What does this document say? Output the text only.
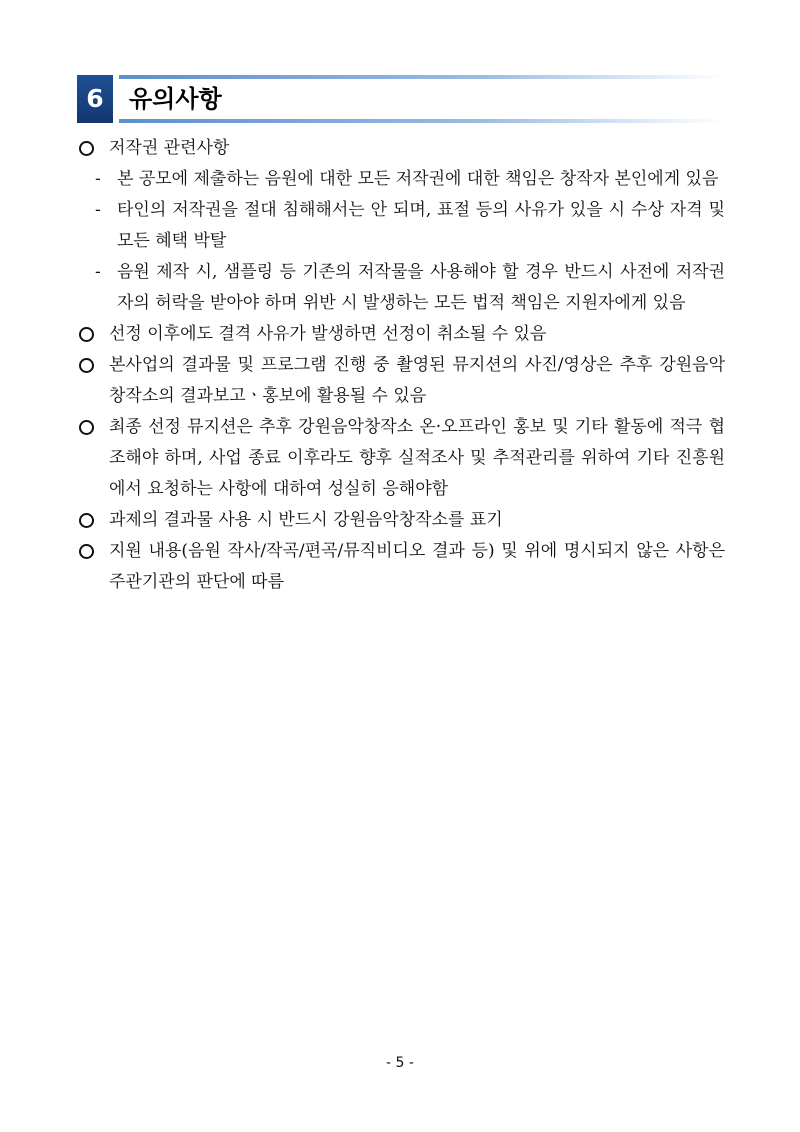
6	유의사항
저작권 관련사항
- 본 공모에 제출하는 음원에 대한 모든 저작권에 대한 책임은 창작자 본인에게 있음
- 타인의 저작권을 절대 침해해서는 안 되며, 표절 등의 사유가 있을 시 수상 자격 및 모든 혜택 박탈
- 음원 제작 시, 샘플링 등 기존의 저작물을 사용해야 할 경우 반드시 사전에 저작권자의 허락을 받아야 하며 위반 시 발생하는 모든 법적 책임은 지원자에게 있음
선정 이후에도 결격 사유가 발생하면 선정이 취소될 수 있음
본사업의 결과물 및 프로그램 진행 중 촬영된 뮤지션의 사진/영상은 추후 강원음악창작소의 결과보고ㆍ홍보에 활용될 수 있음
최종 선정 뮤지션은 추후 강원음악창작소 온·오프라인 홍보 및 기타 활동에 적극 협조해야 하며, 사업 종료 이후라도 향후 실적조사 및 추적관리를 위하여 기타 진흥원에서 요청하는 사항에 대하여 성실히 응해야함
과제의 결과물 사용 시 반드시 강원음악창작소를 표기
지원 내용(음원 작사/작곡/편곡/뮤직비디오 결과 등) 및 위에 명시되지 않은 사항은 주관기관의 판단에 따름
- 5 -
